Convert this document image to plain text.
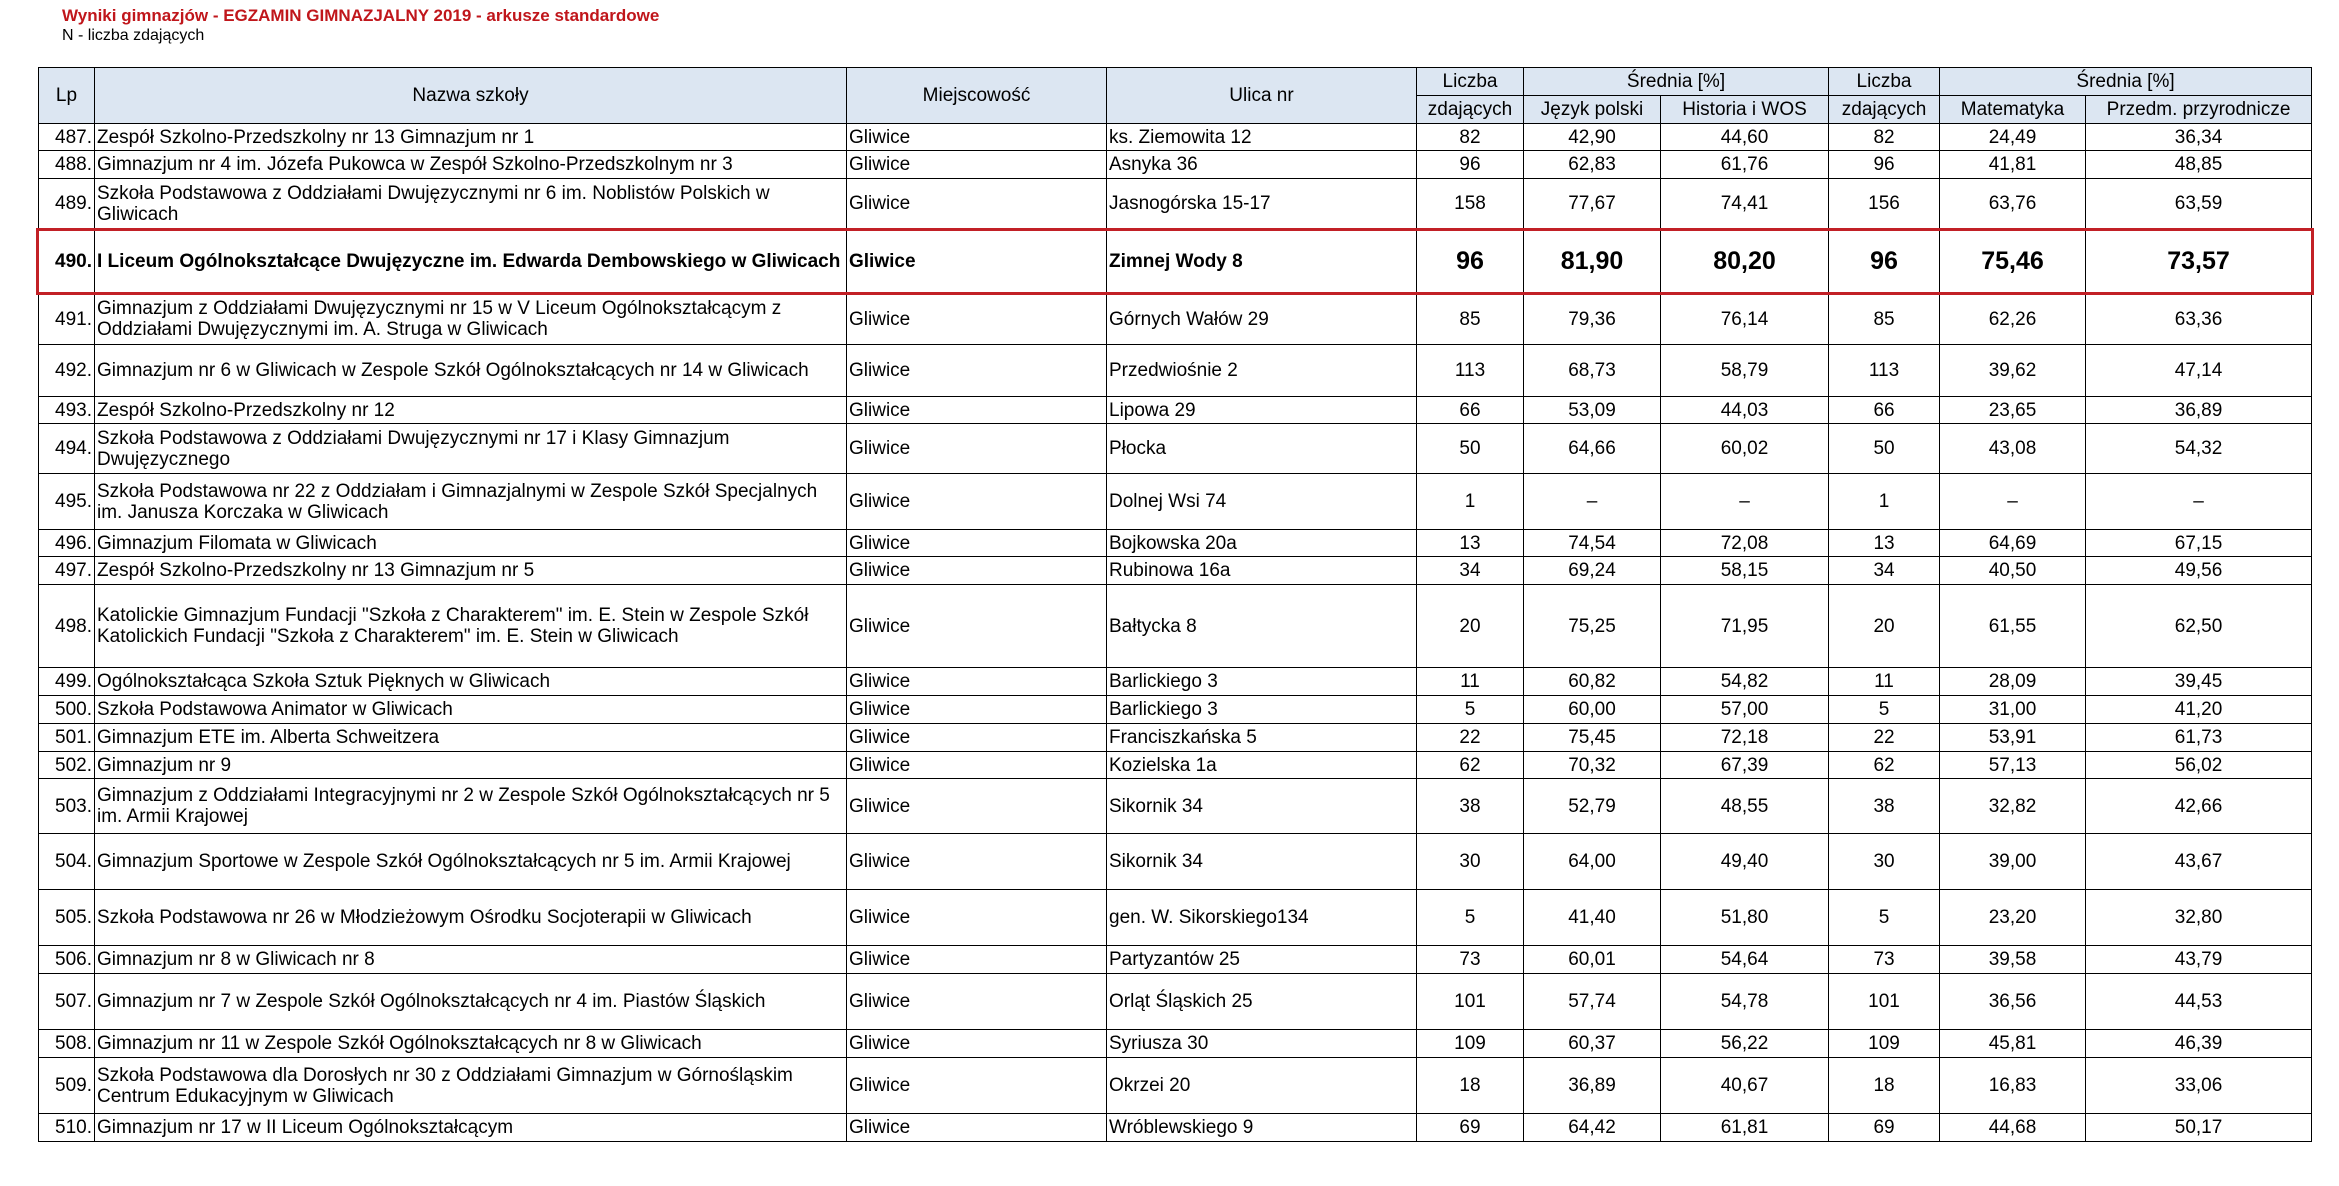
Wyniki gimnazjów - EGZAMIN GIMNAZJALNY 2019 - arkusze standardowe
N - liczba zdających
Lp	Nazwa szkoły	Miejscowość	Ulica nr	Liczba	Średnia [%]		Liczba	Średnia [%]	
				zdających	Język polski	Historia i WOS	zdających	Matematyka	Przedm. przyrodnicze
487.	Zespół Szkolno-Przedszkolny nr 13 Gimnazjum nr 1	Gliwice	ks. Ziemowita 12	82	42,90	44,60	82	24,49	36,34
488.	Gimnazjum nr 4 im. Józefa Pukowca w Zespół Szkolno-Przedszkolnym nr 3	Gliwice	Asnyka 36	96	62,83	61,76	96	41,81	48,85
489.	Szkoła Podstawowa z Oddziałami Dwujęzycznymi nr 6 im. Noblistów Polskich w Gliwicach	Gliwice	Jasnogórska 15-17	158	77,67	74,41	156	63,76	63,59
490.	I Liceum Ogólnokształcące Dwujęzyczne im. Edwarda Dembowskiego w Gliwicach	Gliwice	Zimnej Wody 8	96	81,90	80,20	96	75,46	73,57
491.	Gimnazjum z Oddziałami Dwujęzycznymi nr 15 w V Liceum Ogólnokształcącym z Oddziałami Dwujęzycznymi im. A. Struga w Gliwicach	Gliwice	Górnych Wałów 29	85	79,36	76,14	85	62,26	63,36
492.	Gimnazjum nr 6 w Gliwicach w Zespole Szkół Ogólnokształcących nr 14 w Gliwicach	Gliwice	Przedwiośnie 2	113	68,73	58,79	113	39,62	47,14
493.	Zespół Szkolno-Przedszkolny nr 12	Gliwice	Lipowa 29	66	53,09	44,03	66	23,65	36,89
494.	Szkoła Podstawowa z Oddziałami Dwujęzycznymi nr 17 i Klasy Gimnazjum Dwujęzycznego	Gliwice	Płocka	50	64,66	60,02	50	43,08	54,32
495.	Szkoła Podstawowa nr 22 z Oddziałam i Gimnazjalnymi w Zespole Szkół Specjalnych im. Janusza Korczaka w Gliwicach	Gliwice	Dolnej Wsi 74	1	–	–	1	–	–
496.	Gimnazjum Filomata w Gliwicach	Gliwice	Bojkowska 20a	13	74,54	72,08	13	64,69	67,15
497.	Zespół Szkolno-Przedszkolny nr 13 Gimnazjum nr 5	Gliwice	Rubinowa 16a	34	69,24	58,15	34	40,50	49,56
498.	Katolickie Gimnazjum Fundacji "Szkoła z Charakterem" im. E. Stein w Zespole Szkół Katolickich Fundacji "Szkoła z Charakterem" im. E. Stein w Gliwicach	Gliwice	Bałtycka 8	20	75,25	71,95	20	61,55	62,50
499.	Ogólnokształcąca Szkoła Sztuk Pięknych w Gliwicach	Gliwice	Barlickiego 3	11	60,82	54,82	11	28,09	39,45
500.	Szkoła Podstawowa Animator w Gliwicach	Gliwice	Barlickiego 3	5	60,00	57,00	5	31,00	41,20
501.	Gimnazjum ETE im. Alberta Schweitzera	Gliwice	Franciszkańska 5	22	75,45	72,18	22	53,91	61,73
502.	Gimnazjum nr 9	Gliwice	Kozielska 1a	62	70,32	67,39	62	57,13	56,02
503.	Gimnazjum z Oddziałami Integracyjnymi nr 2 w Zespole Szkół Ogólnokształcących nr 5 im. Armii Krajowej	Gliwice	Sikornik 34	38	52,79	48,55	38	32,82	42,66
504.	Gimnazjum Sportowe w Zespole Szkół Ogólnokształcących nr 5 im. Armii Krajowej	Gliwice	Sikornik 34	30	64,00	49,40	30	39,00	43,67
505.	Szkoła Podstawowa nr 26 w Młodzieżowym Ośrodku Socjoterapii w Gliwicach	Gliwice	gen. W. Sikorskiego134	5	41,40	51,80	5	23,20	32,80
506.	Gimnazjum nr 8 w Gliwicach nr 8	Gliwice	Partyzantów 25	73	60,01	54,64	73	39,58	43,79
507.	Gimnazjum nr 7 w Zespole Szkół Ogólnokształcących nr 4 im. Piastów Śląskich	Gliwice	Orląt Śląskich 25	101	57,74	54,78	101	36,56	44,53
508.	Gimnazjum nr 11 w Zespole Szkół Ogólnokształcących nr 8 w Gliwicach	Gliwice	Syriusza 30	109	60,37	56,22	109	45,81	46,39
509.	Szkoła Podstawowa dla Dorosłych nr 30 z Oddziałami Gimnazjum w Górnośląskim Centrum Edukacyjnym w Gliwicach	Gliwice	Okrzei 20	18	36,89	40,67	18	16,83	33,06
510.	Gimnazjum nr 17 w II Liceum Ogólnokształcącym	Gliwice	Wróblewskiego 9	69	64,42	61,81	69	44,68	50,17
